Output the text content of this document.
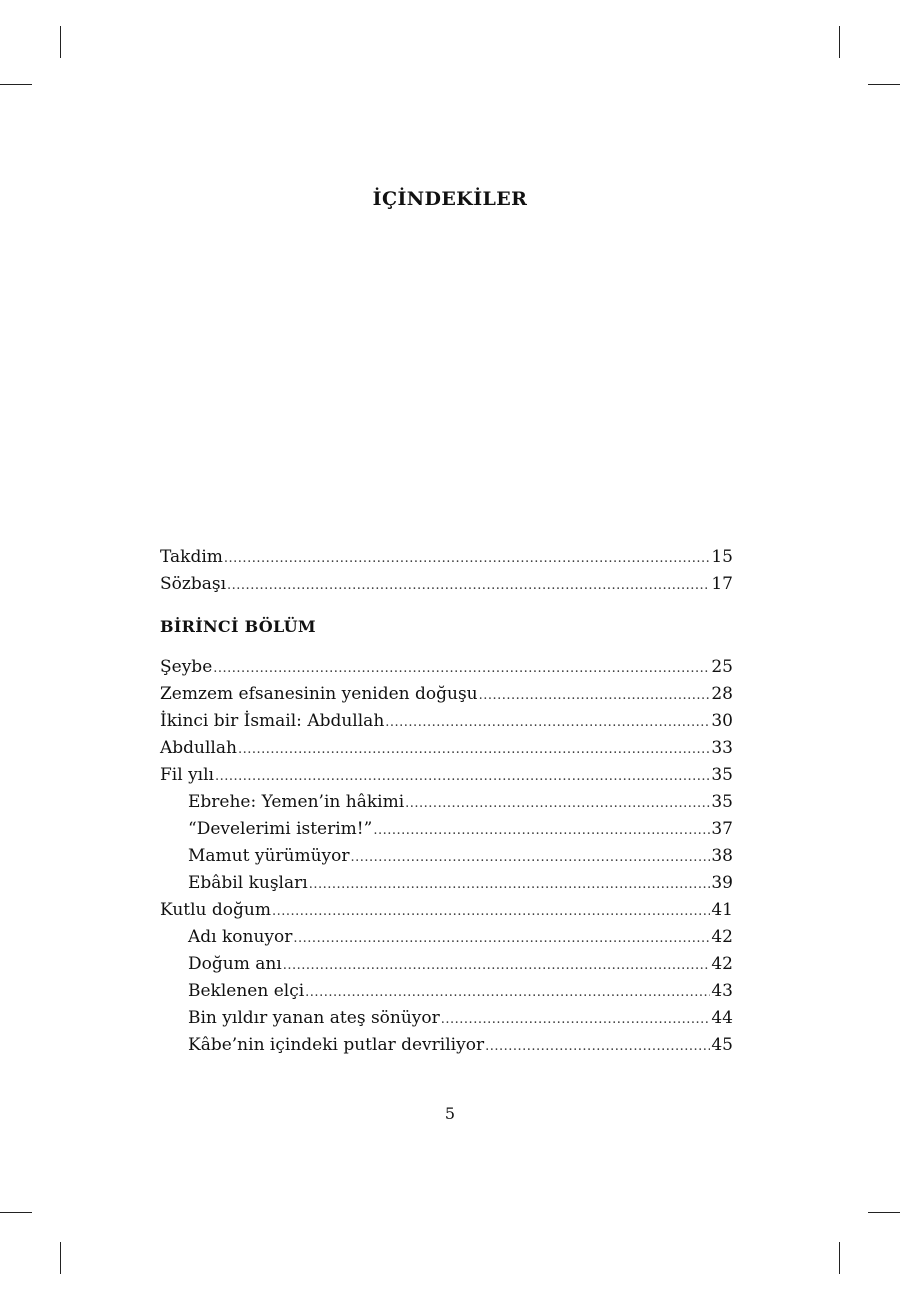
İÇİNDEKİLER
Takdim .....	15
Sözbaşı .....	17
BİRİNCİ BÖLÜM
Şeybe .....	25
Zemzem efsanesinin yeniden doğuşu .....	28
İkinci bir İsmail: Abdullah .....	30
Abdullah .....	33
Fil yılı .....	35
Ebrehe: Yemen’in hâkimi .....	35
“Develerimi isterim!” .....	37
Mamut yürümüyor .....	38
Ebâbil kuşları .....	39
Kutlu doğum .....	41
Adı konuyor .....	42
Doğum anı .....	42
Beklenen elçi .....	43
Bin yıldır yanan ateş sönüyor .....	44
Kâbe’nin içindeki putlar devriliyor .....	45
5
